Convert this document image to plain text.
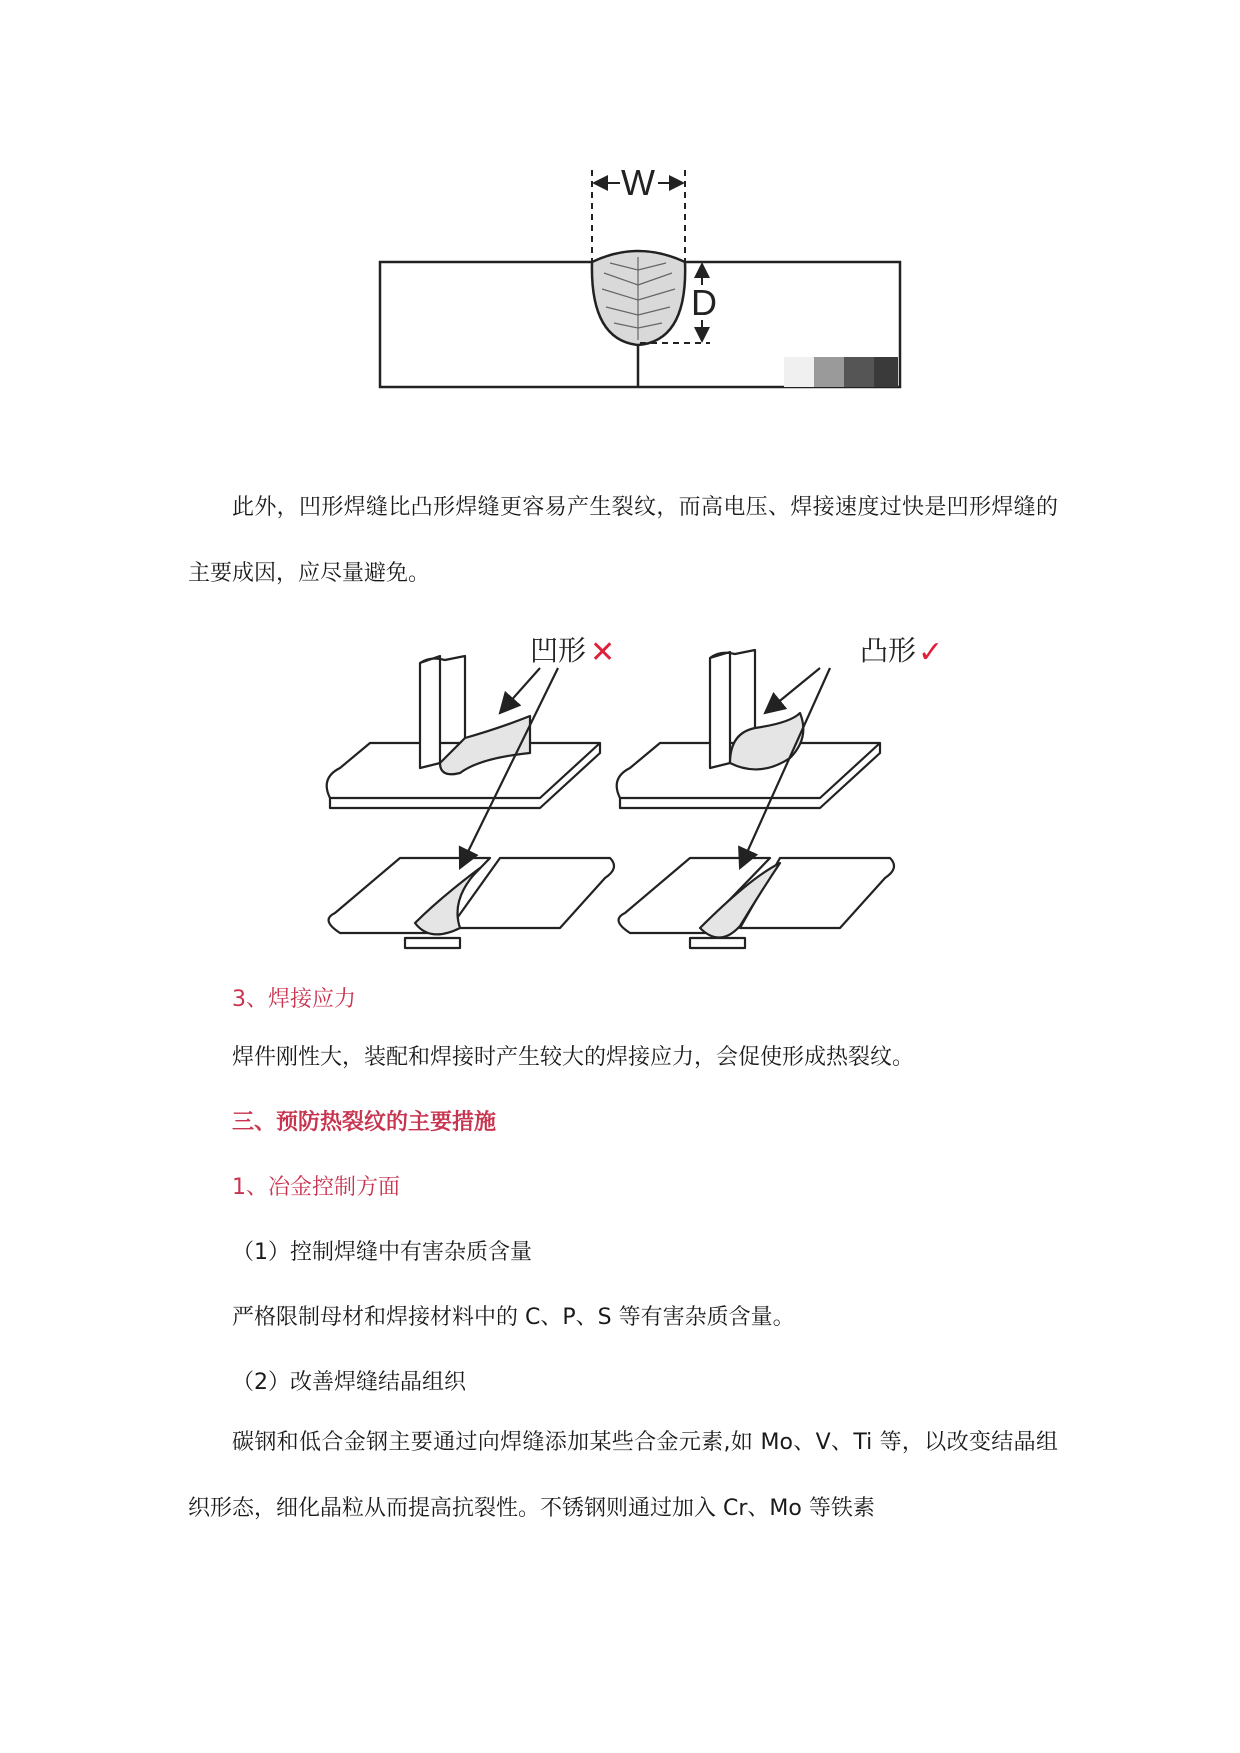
W
D

此外，凹形焊缝比凸形焊缝更容易产生裂纹，而高电压、焊接速度过快是凹形焊缝的主要成因，应尽量避免。

凹形 ✕	凸形 ✓

3、焊接应力

焊件刚性大，装配和焊接时产生较大的焊接应力，会促使形成热裂纹。

三、预防热裂纹的主要措施

1、冶金控制方面

（1）控制焊缝中有害杂质含量

严格限制母材和焊接材料中的 C、P、S 等有害杂质含量。

（2）改善焊缝结晶组织

碳钢和低合金钢主要通过向焊缝添加某些合金元素,如 Mo、V、Ti 等，以改变结晶组织形态，细化晶粒从而提高抗裂性。不锈钢则通过加入 Cr、Mo 等铁素
